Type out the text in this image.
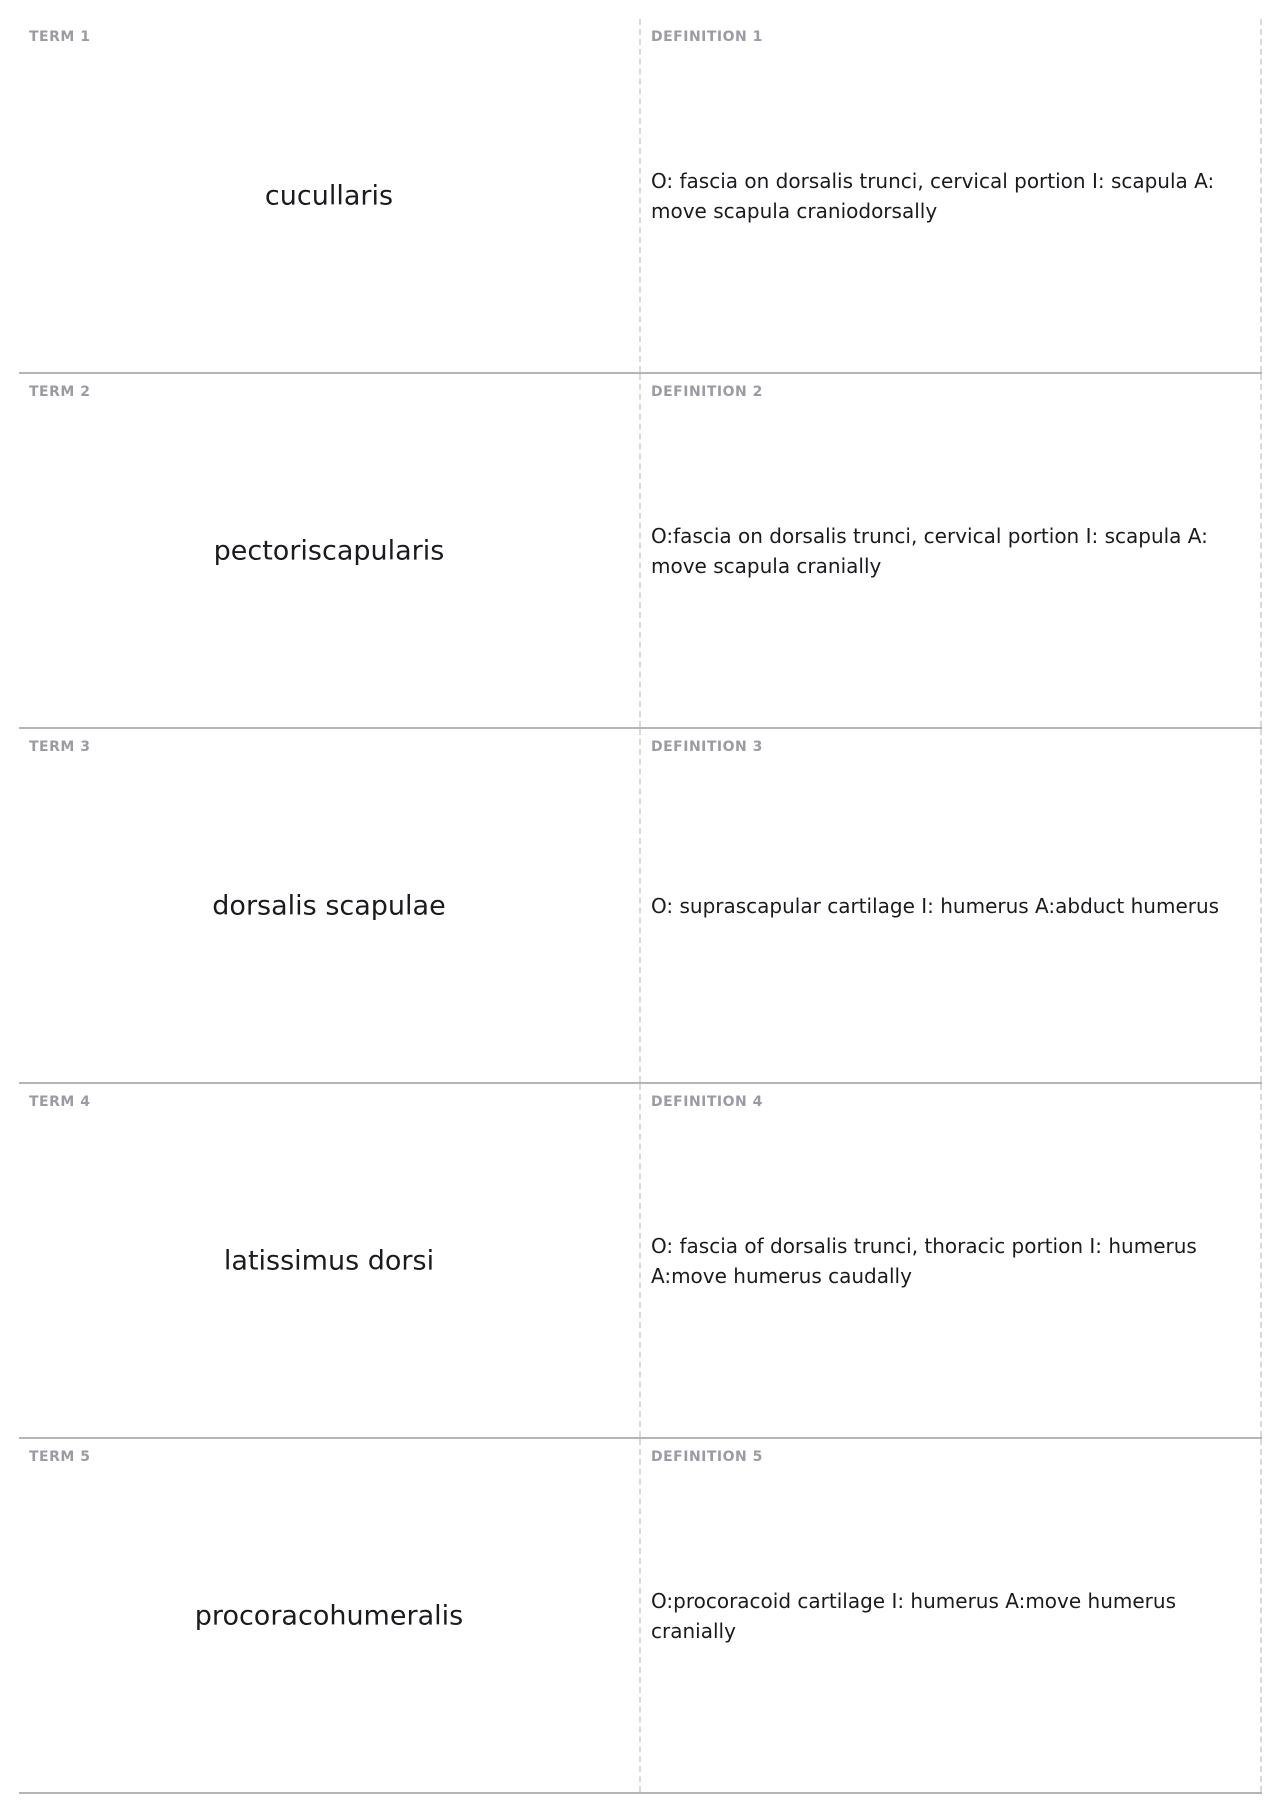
TERM 1
cucullaris
DEFINITION 1
O: fascia on dorsalis trunci, cervical portion I: scapula A: move scapula craniodorsally
TERM 2
pectoriscapularis
DEFINITION 2
O:fascia on dorsalis trunci, cervical portion I: scapula A: move scapula cranially
TERM 3
dorsalis scapulae
DEFINITION 3
O: suprascapular cartilage I: humerus A:abduct humerus
TERM 4
latissimus dorsi
DEFINITION 4
O: fascia of dorsalis trunci, thoracic portion I: humerus A:move humerus caudally
TERM 5
procoracohumeralis
DEFINITION 5
O:procoracoid cartilage I: humerus A:move humerus cranially
